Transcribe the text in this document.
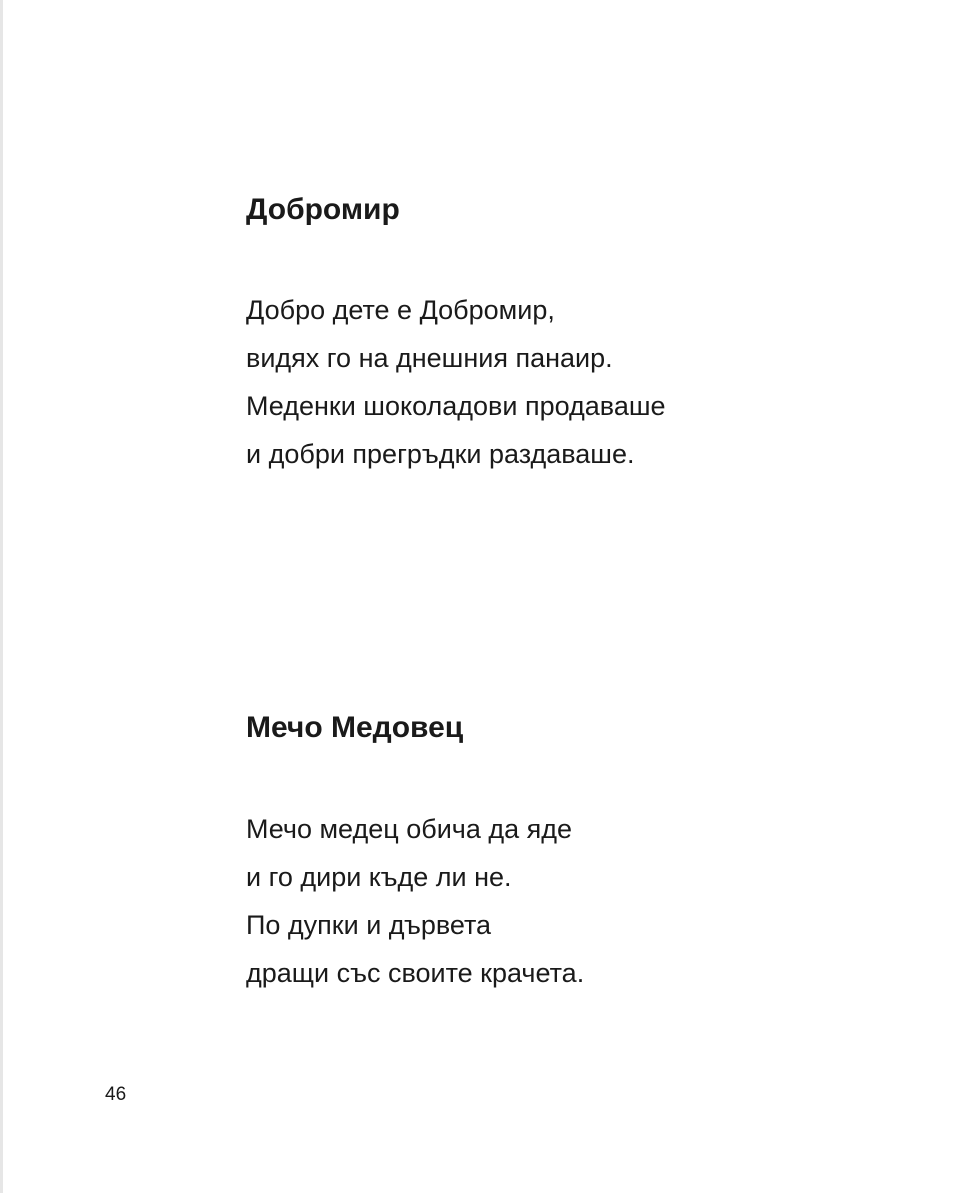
Добромир
Добро дете е Добромир,
видях го на днешния панаир.
Меденки шоколадови продаваше
и добри прегръдки раздаваше.
Мечо Медовец
Мечо медец обича да яде
и го дири къде ли не.
По дупки и дървета
дращи със своите крачета.
46
